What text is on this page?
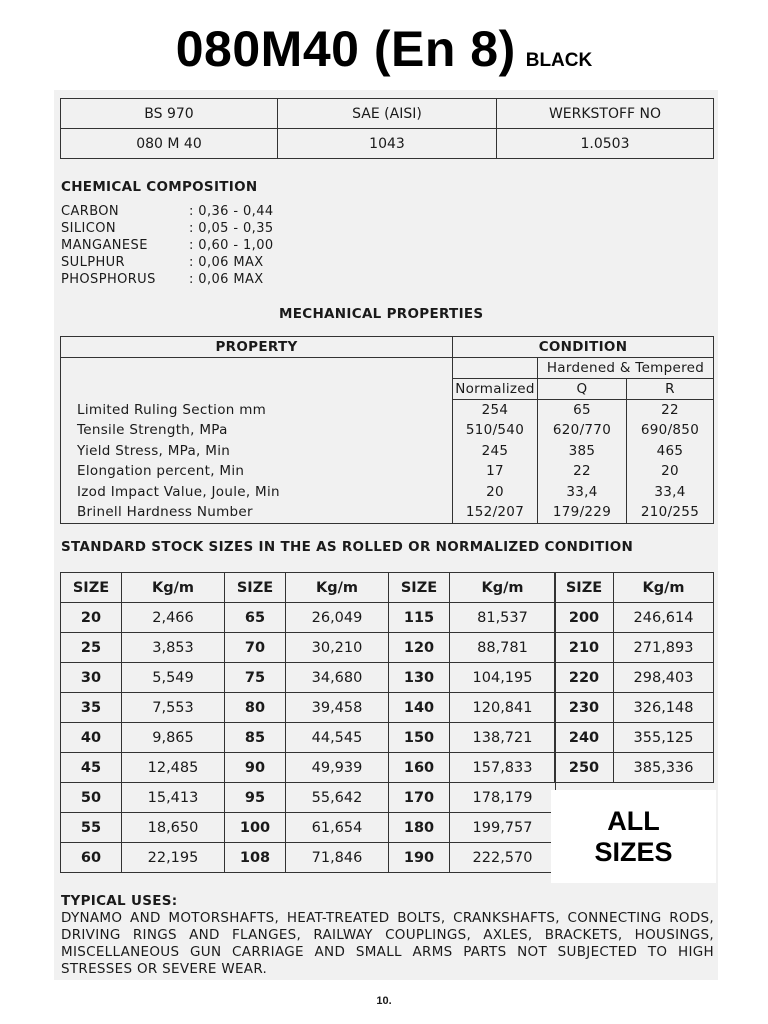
080M40 (En 8) BLACK
BS 970	SAE (AISI)	WERKSTOFF NO
080 M 40	1043	1.0503
CHEMICAL COMPOSITION
CARBON	: 0,36 - 0,44
SILICON	: 0,05 - 0,35
MANGANESE	: 0,60 - 1,00
SULPHUR	: 0,06 MAX
PHOSPHORUS	: 0,06 MAX
MECHANICAL PROPERTIES
PROPERTY	CONDITION		
		Hardened & Tempered	
	Normalized	Q	R
Limited Ruling Section mm	254	65	22
Tensile Strength, MPa	510/540	620/770	690/850
Yield Stress, MPa, Min	245	385	465
Elongation percent, Min	17	22	20
Izod Impact Value, Joule, Min	20	33,4	33,4
Brinell Hardness Number	152/207	179/229	210/255
STANDARD STOCK SIZES IN THE AS ROLLED OR NORMALIZED CONDITION
SIZE	Kg/m	SIZE	Kg/m	SIZE	Kg/m
20	2,466	65	26,049	115	81,537
25	3,853	70	30,210	120	88,781
30	5,549	75	34,680	130	104,195
35	7,553	80	39,458	140	120,841
40	9,865	85	44,545	150	138,721
45	12,485	90	49,939	160	157,833
50	15,413	95	55,642	170	178,179
55	18,650	100	61,654	180	199,757
60	22,195	108	71,846	190	222,570
SIZE	Kg/m
200	246,614
210	271,893
220	298,403
230	326,148
240	355,125
250	385,336
ALL
SIZES
TYPICAL USES:
DYNAMO AND MOTORSHAFTS, HEAT-TREATED BOLTS, CRANKSHAFTS, CONNECTING RODS, DRIVING RINGS AND FLANGES, RAILWAY COUPLINGS, AXLES, BRACKETS, HOUSINGS, MISCELLANEOUS GUN CARRIAGE AND SMALL ARMS PARTS NOT SUBJECTED TO HIGH STRESSES OR SEVERE WEAR.
10.
